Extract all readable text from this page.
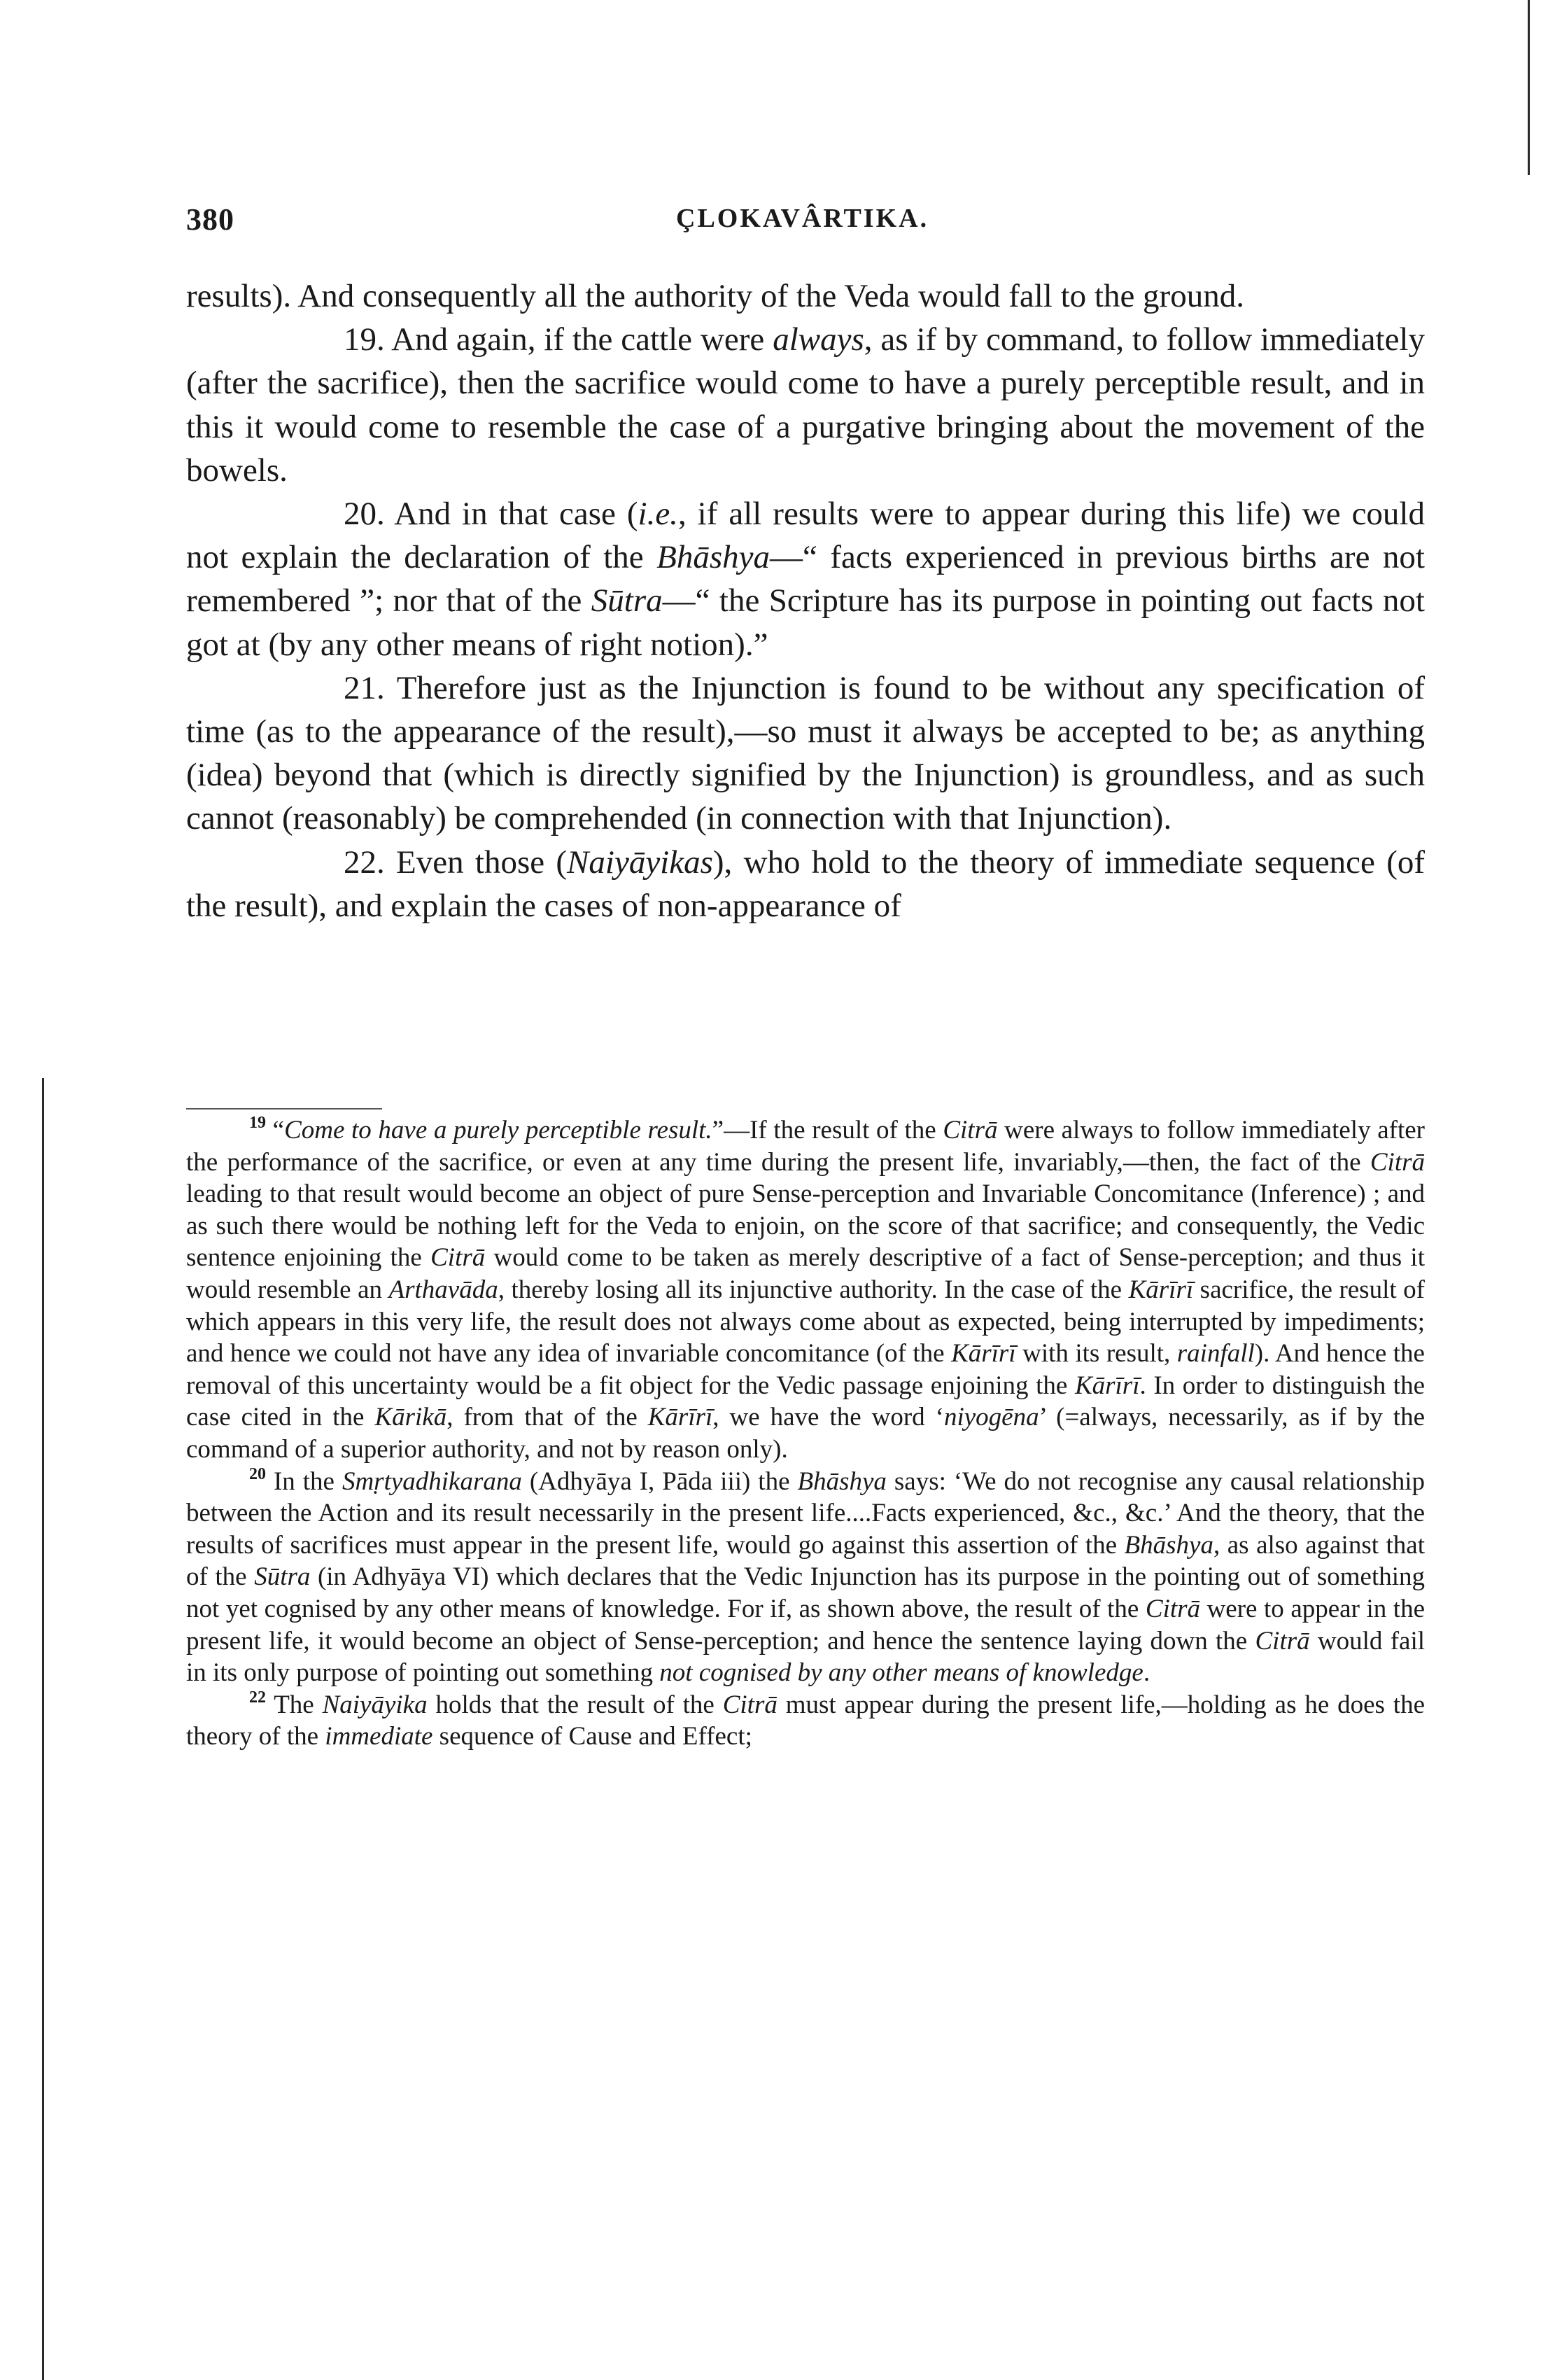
380	ÇLOKAVÂRTIKA.

results). And consequently all the authority of the Veda would fall to the ground.

19. And again, if the cattle were always, as if by command, to follow immediately (after the sacrifice), then the sacrifice would come to have a purely perceptible result, and in this it would come to resemble the case of a purgative bringing about the movement of the bowels.

20. And in that case (i.e., if all results were to appear during this life) we could not explain the declaration of the Bhāshya—“ facts experienced in previous births are not remembered ”; nor that of the Sūtra—“ the Scripture has its purpose in pointing out facts not got at (by any other means of right notion).”

21. Therefore just as the Injunction is found to be without any specification of time (as to the appearance of the result),—so must it always be accepted to be; as anything (idea) beyond that (which is directly signified by the Injunction) is groundless, and as such cannot (reasonably) be comprehended (in connection with that Injunction).

22. Even those (Naiyāyikas), who hold to the theory of immediate sequence (of the result), and explain the cases of non-appearance of

$^{19}$ “Come to have a purely perceptible result.”—If the result of the Citrā were always to follow immediately after the performance of the sacrifice, or even at any time during the present life, invariably,—then, the fact of the Citrā leading to that result would become an object of pure Sense-perception and Invariable Concomitance (Inference) ; and as such there would be nothing left for the Veda to enjoin, on the score of that sacrifice; and consequently, the Vedic sentence enjoining the Citrā would come to be taken as merely descriptive of a fact of Sense-perception; and thus it would resemble an Arthavāda, thereby losing all its injunctive authority. In the case of the Kārīrī sacrifice, the result of which appears in this very life, the result does not always come about as expected, being interrupted by impediments; and hence we could not have any idea of invariable concomitance (of the Kārīrī with its result, rainfall). And hence the removal of this uncertainty would be a fit object for the Vedic passage enjoining the Kārīrī. In order to distinguish the case cited in the Kārikā, from that of the Kārīrī, we have the word ‘niyogēna’ (=always, necessarily, as if by the command of a superior authority, and not by reason only).

$^{20}$ In the Smṛtyadhikarana (Adhyāya I, Pāda iii) the Bhāshya says: ‘We do not recognise any causal relationship between the Action and its result necessarily in the present life....Facts experienced, &c., &c.’ And the theory, that the results of sacrifices must appear in the present life, would go against this assertion of the Bhāshya, as also against that of the Sūtra (in Adhyāya VI) which declares that the Vedic Injunction has its purpose in the pointing out of something not yet cognised by any other means of knowledge. For if, as shown above, the result of the Citrā were to appear in the present life, it would become an object of Sense-perception; and hence the sentence laying down the Citrā would fail in its only purpose of pointing out something not cognised by any other means of knowledge.

$^{22}$ The Naiyāyika holds that the result of the Citrā must appear during the present life,—holding as he does the theory of the immediate sequence of Cause and Effect;
